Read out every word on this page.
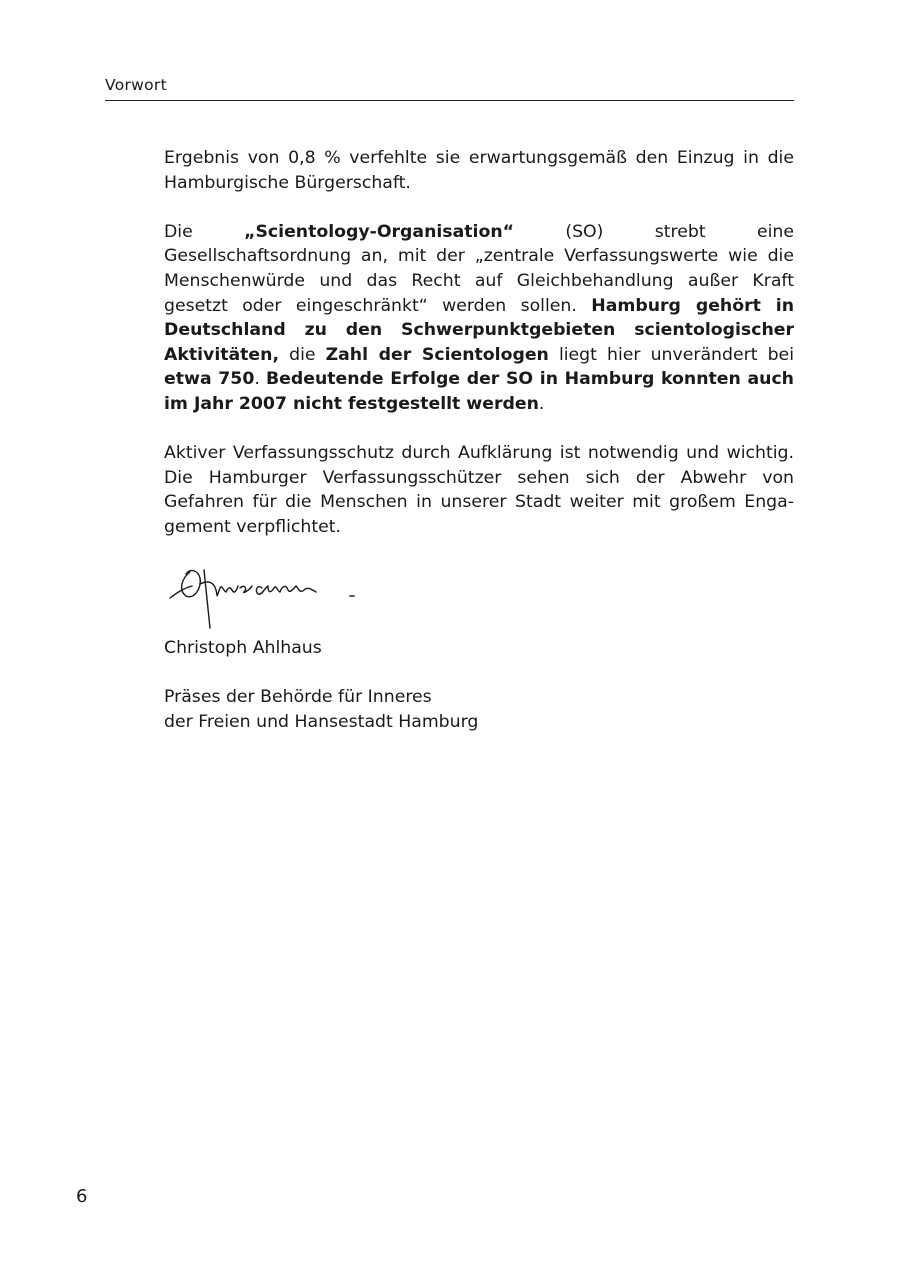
Vorwort

Ergebnis von 0,8 % verfehlte sie erwartungsgemäß den Einzug in die Hamburgische Bürgerschaft.

Die „Scientology-Organisation“ (SO) strebt eine Gesellschaftsordnung an, mit der „zentrale Verfassungswerte wie die Menschenwürde und das Recht auf Gleichbehandlung außer Kraft gesetzt oder eingeschränkt“ werden sollen. Hamburg gehört in Deutschland zu den Schwerpunktgebieten scientologischer Aktivitäten, die Zahl der Scientologen liegt hier unverändert bei etwa 750. Bedeutende Erfolge der SO in Hamburg konnten auch im Jahr 2007 nicht festgestellt werden.

Aktiver Verfassungsschutz durch Aufklärung ist notwendig und wichtig. Die Hamburger Verfassungsschützer sehen sich der Abwehr von Gefahren für die Menschen in unserer Stadt weiter mit großem Engagement verpflichtet.

Christoph Ahlhaus

Präses der Behörde für Inneres
der Freien und Hansestadt Hamburg
6
